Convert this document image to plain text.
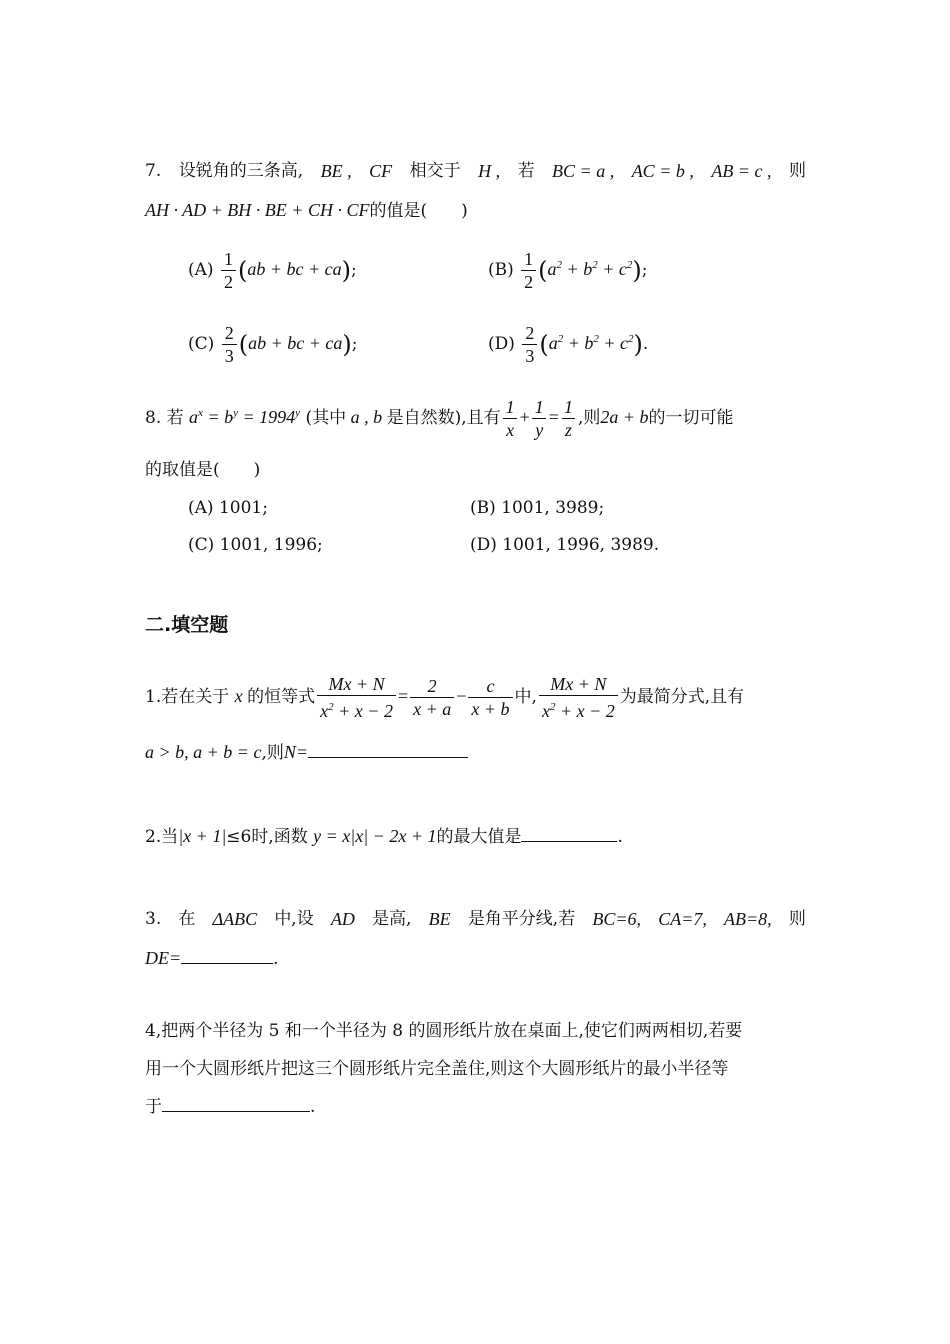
7. 设锐角的三条高, BE , CF 相交于 H , 若 BC = a , AC = b , AB = c , 则
AH · AD + BH · BE + CH · CF的值是(　　)
$(A) \frac{1}{2} (ab$ + bc + ca);	$(B) \frac{1}{2} (a^2 + b^2 + c^2)$;
$(C) \frac{2}{3} (ab$ + bc + ca);	$(D) \frac{2}{3} (a^2 + b^2 + c^2)$.
8. 若 $a^x = b^y = 1994^y$ (其中 a , b 是自然数),且有 $\frac{1}{x} + \frac{1}{y} = \frac{1}{z}$ ,则2a + b的一切可能
的取值是(　　)
(A) 1001;	(B) 1001, 3989;
(C) 1001, 1996;	(D) 1001, 1996, 3989.
二.填空题
1.若在关于 x 的恒等式 $\frac{Mx + N}{x^2 + x - 2} = \frac{2}{x + a} - \frac{c}{x + b}$ 中, $\frac{Mx + N}{x^2 + x - 2}$ 为最简分式,且有
a > b, a + b = c,则N=
2.当|x + 1|≤6时,函数 y = x|x| − 2x + 1的最大值是	.
3. 在 ΔABC 中,设 AD 是高, BE 是角平分线,若 BC=6, CA=7, AB=8, 则
DE=	.
4,把两个半径为 5 和一个半径为 8 的圆形纸片放在桌面上,使它们两两相切,若要
用一个大圆形纸片把这三个圆形纸片完全盖住,则这个大圆形纸片的最小半径等
于	.
